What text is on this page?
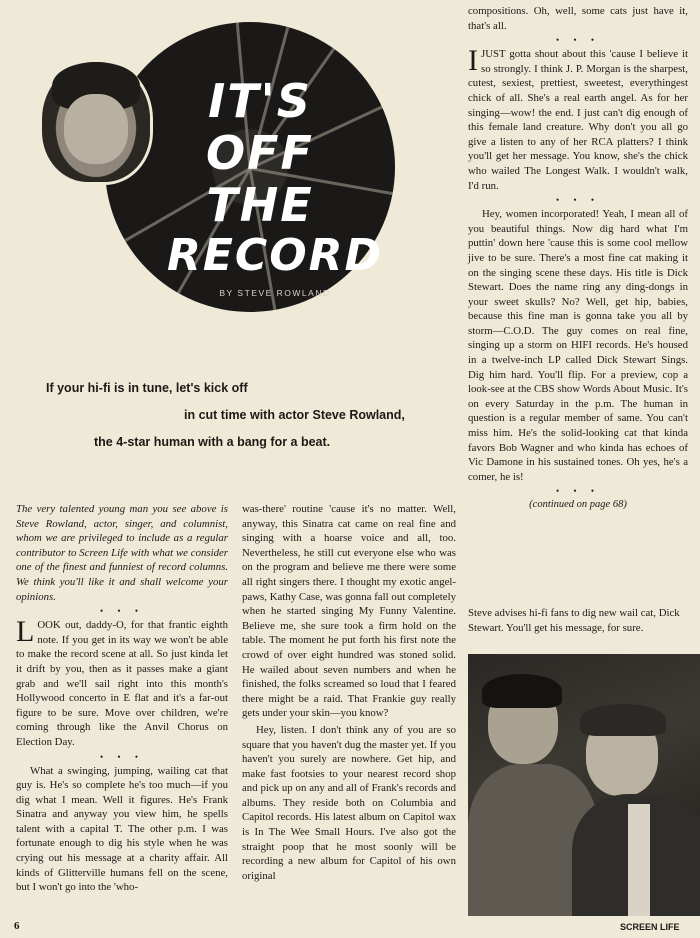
IT'S
OFF
THE
RECORD
BY STEVE ROWLAND
If your hi-fi is in tune, let's kick off
in cut time with actor Steve Rowland,
the 4-star human with a bang for a beat.

The very talented young man you see above is Steve Rowland, actor, singer, and columnist, whom we are privileged to include as a regular contributor to Screen Life with what we consider one of the finest and funniest of record columns. We think you'll like it and shall welcome your opinions.

• • •

LOOK out, daddy-O, for that frantic eighth note. If you get in its way we won't be able to make the record scene at all. So just kinda let it drift by you, then as it passes make a giant grab and we'll sail right into this month's Hollywood concerto in E flat and it's a far-out figure to be sure. Move over children, we're coming through like the Anvil Chorus on Election Day.

• • •

What a swinging, jumping, wailing cat that guy is. He's so complete he's too much—if you dig what I mean. Well it figures. He's Frank Sinatra and anyway you view him, he spells talent with a capital T. The other p.m. I was fortunate enough to dig his style when he was crying out his message at a charity affair. All kinds of Glitterville humans fell on the scene, but I won't go into the 'who-

was-there' routine 'cause it's no matter. Well, anyway, this Sinatra cat came on real fine and singing with a hoarse voice and all, too. Nevertheless, he still cut everyone else who was on the program and believe me there were some all right singers there. I thought my exotic angel-paws, Kathy Case, was gonna fall out completely when he started singing My Funny Valentine. Believe me, she sure took a firm hold on the table. The moment he put forth his first note the crowd of over eight hundred was stoned solid. He wailed about seven numbers and when he finished, the folks screamed so loud that I feared there might be a raid. That Frankie guy really gets under your skin—you know?

Hey, listen. I don't think any of you are so square that you haven't dug the master yet. If you haven't you surely are nowhere. Get hip, and make fast footsies to your nearest record shop and pick up on any and all of Frank's records and albums. They reside both on Columbia and Capitol records. His latest album on Capitol wax is In The Wee Small Hours. I've also got the straight poop that he most soonly will be recording a new album for Capitol of his own original

compositions. Oh, well, some cats just have it, that's all.

• • •

IJUST gotta shout about this 'cause I believe it so strongly. I think J. P. Morgan is the sharpest, cutest, sexiest, prettiest, sweetest, everythingest chick of all. She's a real earth angel. As for her singing—wow! the end. I just can't dig enough of this female land creature. Why don't you all go give a listen to any of her RCA platters? I think you'll get her message. You know, she's the chick who wailed The Longest Walk. I wouldn't walk, I'd run.

• • •

Hey, women incorporated! Yeah, I mean all of you beautiful things. Now dig hard what I'm puttin' down here 'cause this is some cool mellow jive to be sure. There's a most fine cat making it on the singing scene these days. His title is Dick Stewart. Does the name ring any ding-dongs in your sweet skulls? No? Well, get hip, babies, because this fine man is gonna take you all by storm—C.O.D. The guy comes on real fine, singing up a storm on HIFI records. He's housed in a twelve-inch LP called Dick Stewart Sings. Dig him hard. You'll flip. For a preview, cop a look-see at the CBS show Words About Music. It's on every Saturday in the p.m. The human in question is a regular member of same. You can't miss him. He's the solid-looking cat that kinda favors Bob Wagner and who kinda has echoes of Vic Damone in his sustained tones. Oh yes, he's a comer, he is!

• • •

(continued on page 68)

Steve advises hi-fi fans to dig new wail cat, Dick Stewart. You'll get his message, for sure.
6	SCREEN LIFE
